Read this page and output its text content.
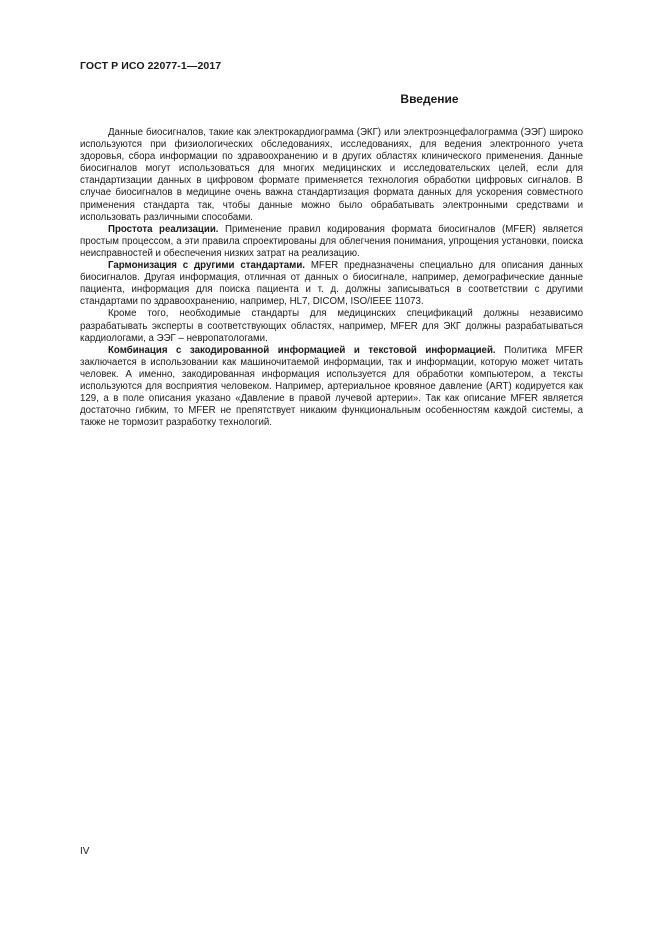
ГОСТ Р ИСО 22077-1—2017
Введение

Данные биосигналов, такие как электрокардиограмма (ЭКГ) или электроэнцефалограмма (ЭЭГ) широко используются при физиологических обследованиях, исследованиях, для ведения электронного учета здоровья, сбора информации по здравоохранению и в других областях клинического применения. Данные биосигналов могут использоваться для многих медицинских и исследовательских целей, если для стандартизации данных в цифровом формате применяется технология обработки цифровых сигналов. В случае биосигналов в медицине очень важна стандартизация формата данных для ускорения совместного применения стандарта так, чтобы данные можно было обрабатывать электронными средствами и использовать различными способами.

Простота реализации. Применение правил кодирования формата биосигналов (MFER) является простым процессом, а эти правила спроектированы для облегчения понимания, упрощения установки, поиска неисправностей и обеспечения низких затрат на реализацию.

Гармонизация с другими стандартами. MFER предназначены специально для описания данных биосигналов. Другая информация, отличная от данных о биосигнале, например, демографические данные пациента, информация для поиска пациента и т. д. должны записываться в соответствии с другими стандартами по здравоохранению, например, HL7, DICOM, ISO/IEEE 11073.

Кроме того, необходимые стандарты для медицинских спецификаций должны независимо разрабатывать эксперты в соответствующих областях, например, MFER для ЭКГ должны разрабатываться кардиологами, а ЭЭГ – невропатологами.

Комбинация с закодированной информацией и текстовой информацией. Политика MFER заключается в использовании как машиночитаемой информации, так и информации, которую может читать человек. А именно, закодированная информация используется для обработки компьютером, а тексты используются для восприятия человеком. Например, артериальное кровяное давление (ART) кодируется как 129, а в поле описания указано «Давление в правой лучевой артерии». Так как описание MFER является достаточно гибким, то MFER не препятствует никаким функциональным особенностям каждой системы, а также не тормозит разработку технологий.

IV
